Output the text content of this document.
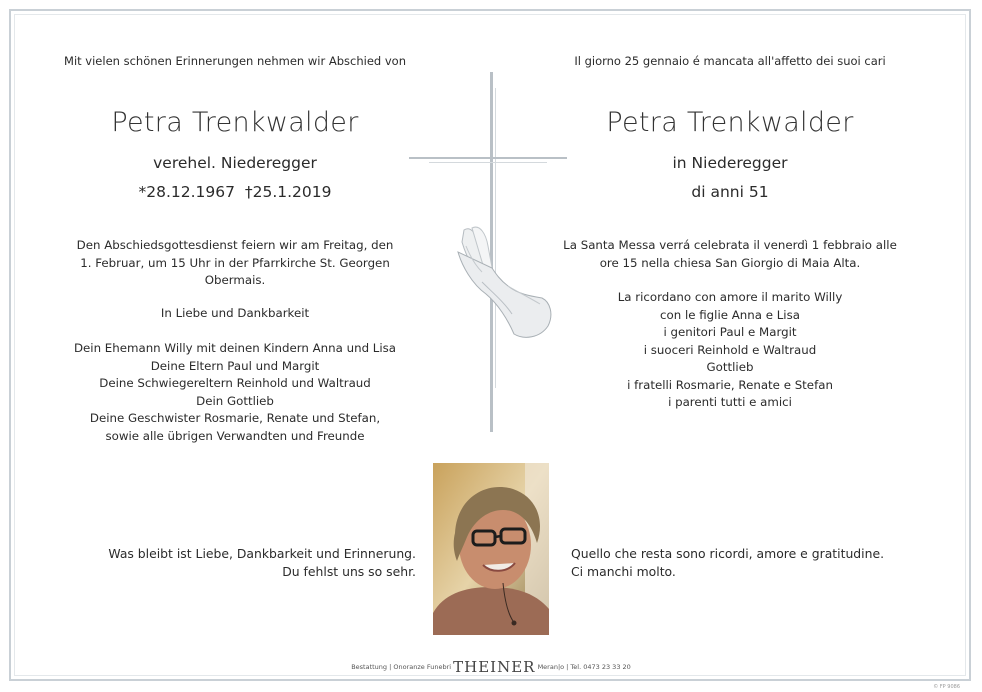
Mit vielen schönen Erinnerungen nehmen wir Abschied von
Petra Trenkwalder
verehel. Niederegger
*28.12.1967  †25.1.2019
Den Abschiedsgottesdienst feiern wir am Freitag, den
1. Februar, um 15 Uhr in der Pfarrkirche St. Georgen
Obermais.
In Liebe und Dankbarkeit
Dein Ehemann Willy mit deinen Kindern Anna und Lisa
Deine Eltern Paul und Margit
Deine Schwiegereltern Reinhold und Waltraud
Dein Gottlieb
Deine Geschwister Rosmarie, Renate und Stefan,
sowie alle übrigen Verwandten und Freunde
Was bleibt ist Liebe, Dankbarkeit und Erinnerung.
Du fehlst uns so sehr.
Il giorno 25 gennaio é mancata all'affetto dei suoi cari
Petra Trenkwalder
in Niederegger
di anni 51
La Santa Messa verrá celebrata il venerdì 1 febbraio alle
ore 15 nella chiesa San Giorgio di Maia Alta.
La ricordano con amore il marito Willy
con le figlie Anna e Lisa
i genitori Paul e Margit
i suoceri Reinhold e Waltraud
Gottlieb
i fratelli Rosmarie, Renate e Stefan
i parenti tutti e amici
Quello che resta sono ricordi, amore e gratitudine.
Ci manchi molto.
Bestattung | Onoranze Funebri THEINER Meran|o | Tel. 0473 23 33 20
© FP 9086
